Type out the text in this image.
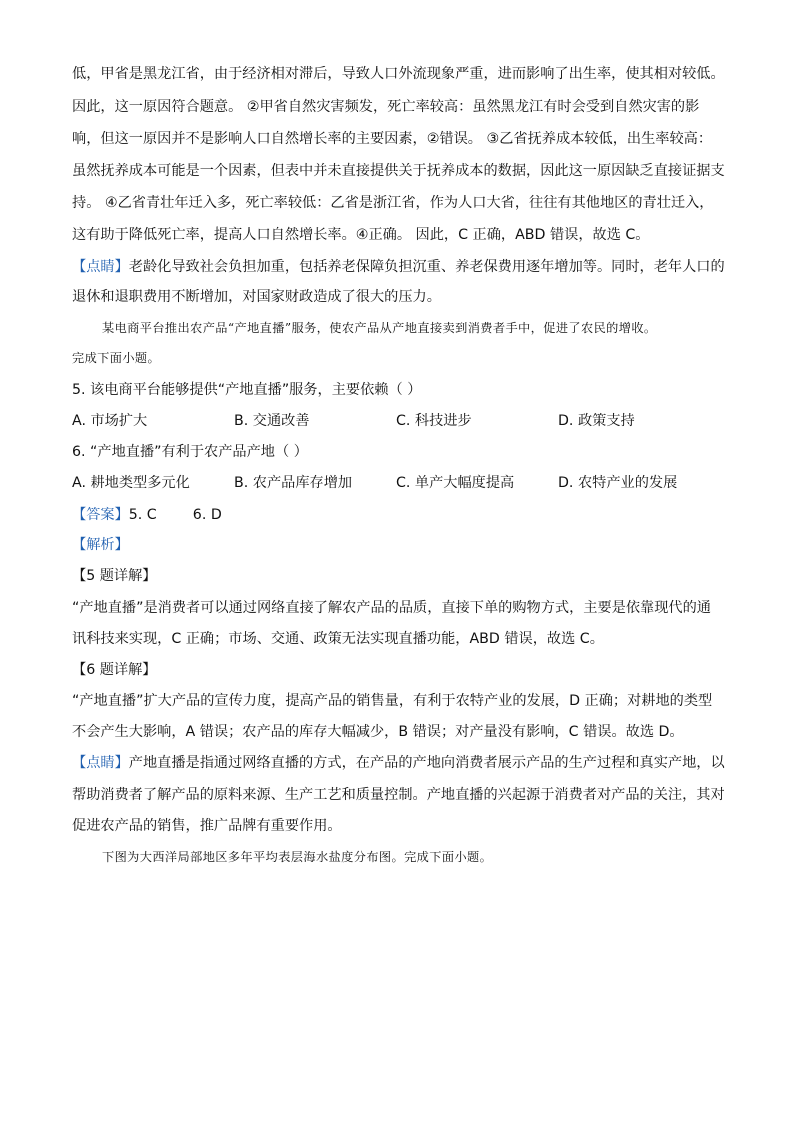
低，甲省是黑龙江省，由于经济相对滞后，导致人口外流现象严重，进而影响了出生率，使其相对较低。
因此，这一原因符合题意。 ②甲省自然灾害频发，死亡率较高：虽然黑龙江有时会受到自然灾害的影
响，但这一原因并不是影响人口自然增长率的主要因素，②错误。 ③乙省抚养成本较低，出生率较高：
虽然抚养成本可能是一个因素，但表中并未直接提供关于抚养成本的数据，因此这一原因缺乏直接证据支
持。 ④乙省青壮年迁入多，死亡率较低：乙省是浙江省，作为人口大省，往往有其他地区的青壮迁入，
这有助于降低死亡率，提高人口自然增长率。④正确。 因此，C 正确，ABD 错误，故选 C。
【点睛】老龄化导致社会负担加重，包括养老保障负担沉重、养老保费用逐年增加等。同时，老年人口的
退休和退职费用不断增加，对国家财政造成了很大的压力。
某电商平台推出农产品“产地直播”服务，使农产品从产地直接卖到消费者手中，促进了农民的增收。
完成下面小题。
5. 该电商平台能够提供“产地直播”服务，主要依赖（ ）
A. 市场扩大	B. 交通改善	C. 科技进步	D. 政策支持
6. “产地直播”有利于农产品产地（ ）
A. 耕地类型多元化	B. 农产品库存增加	C. 单产大幅度提高	D. 农特产业的发展
【答案】5. C        6. D
【解析】
【5 题详解】
“产地直播”是消费者可以通过网络直接了解农产品的品质，直接下单的购物方式，主要是依靠现代的通
讯科技来实现，C 正确；市场、交通、政策无法实现直播功能，ABD 错误，故选 C。
【6 题详解】
“产地直播”扩大产品的宣传力度，提高产品的销售量，有利于农特产业的发展，D 正确；对耕地的类型
不会产生大影响，A 错误；农产品的库存大幅减少，B 错误；对产量没有影响，C 错误。故选 D。
【点睛】产地直播是指通过网络直播的方式，在产品的产地向消费者展示产品的生产过程和真实产地，以
帮助消费者了解产品的原料来源、生产工艺和质量控制。产地直播的兴起源于消费者对产品的关注，其对
促进农产品的销售，推广品牌有重要作用。
下图为大西洋局部地区多年平均表层海水盐度分布图。完成下面小题。
